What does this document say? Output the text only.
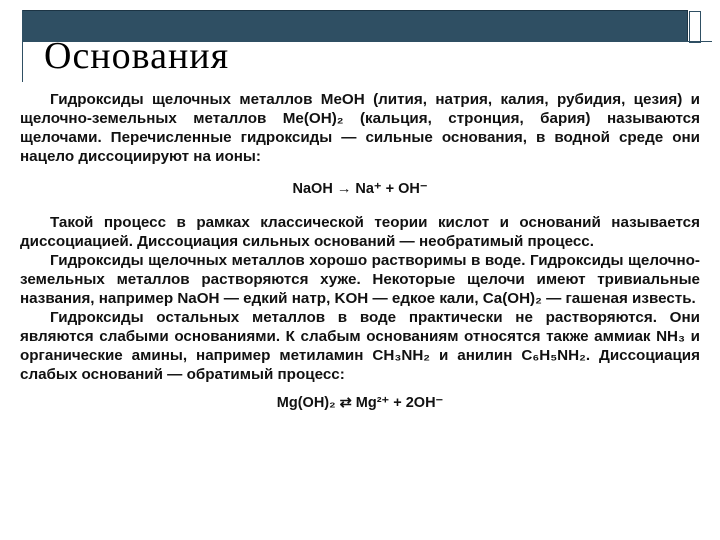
Основания

Гидроксиды щелочных металлов MeOH (лития, натрия, калия, рубидия, цезия) и щелочно-земельных металлов Me(OH)₂ (кальция, стронция, бария) называются щелочами. Перечисленные гидроксиды — сильные основания, в водной среде они нацело диссоциируют на ионы:

NaOH → Na⁺ + OH⁻

Такой процесс в рамках классической теории кислот и оснований называется диссоциацией. Диссоциация сильных оснований — необратимый процесс.

Гидроксиды щелочных металлов хорошо растворимы в воде. Гидроксиды щелочно-земельных металлов растворяются хуже. Некоторые щелочи имеют тривиальные названия, например NaOH — едкий натр, KOH — едкое кали, Ca(OH)₂ — гашеная известь.

Гидроксиды остальных металлов в воде практически не растворяются. Они являются слабыми основаниями. К слабым основаниям относятся также аммиак NH₃ и органические амины, например метиламин CH₃NH₂ и анилин C₆H₅NH₂. Диссоциация слабых оснований — обратимый процесс:

Mg(OH)₂ ⇄ Mg²⁺ + 2OH⁻
